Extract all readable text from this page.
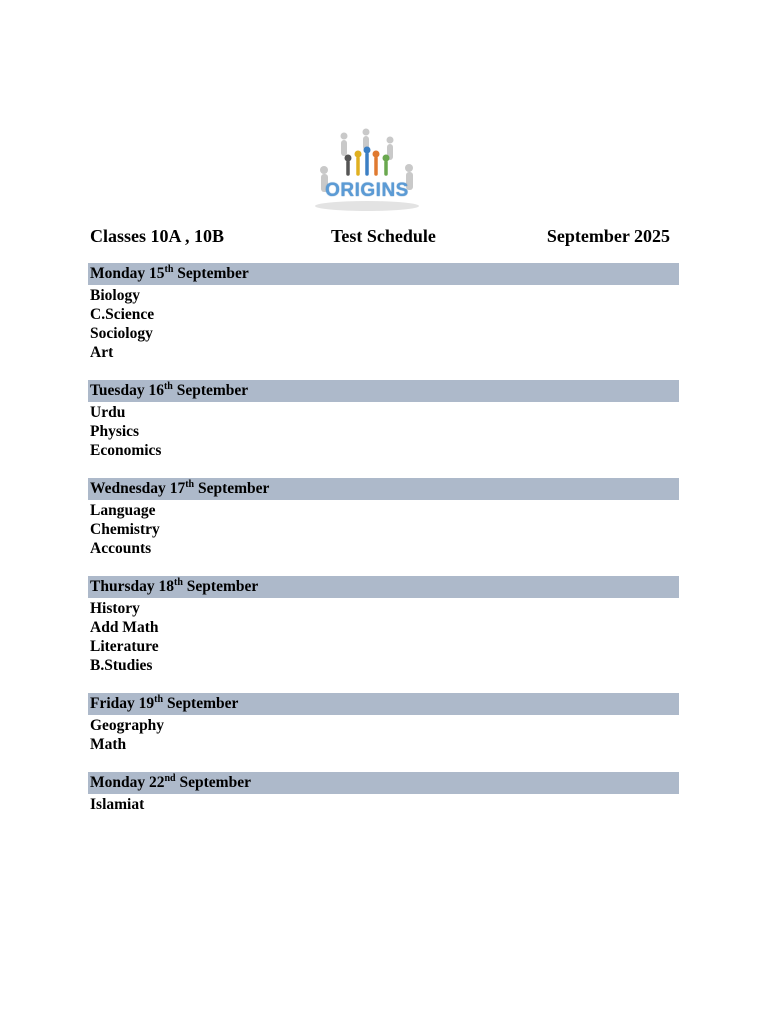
ORIGINS
Classes 10A , 10B	Test Schedule	September 2025
Monday 15th September
Biology
C.Science
Sociology
Art
Tuesday 16th September
Urdu
Physics
Economics
Wednesday 17th September
Language
Chemistry
Accounts
Thursday 18th September
History
Add Math
Literature
B.Studies
Friday 19th September
Geography
Math
Monday 22nd September
Islamiat
